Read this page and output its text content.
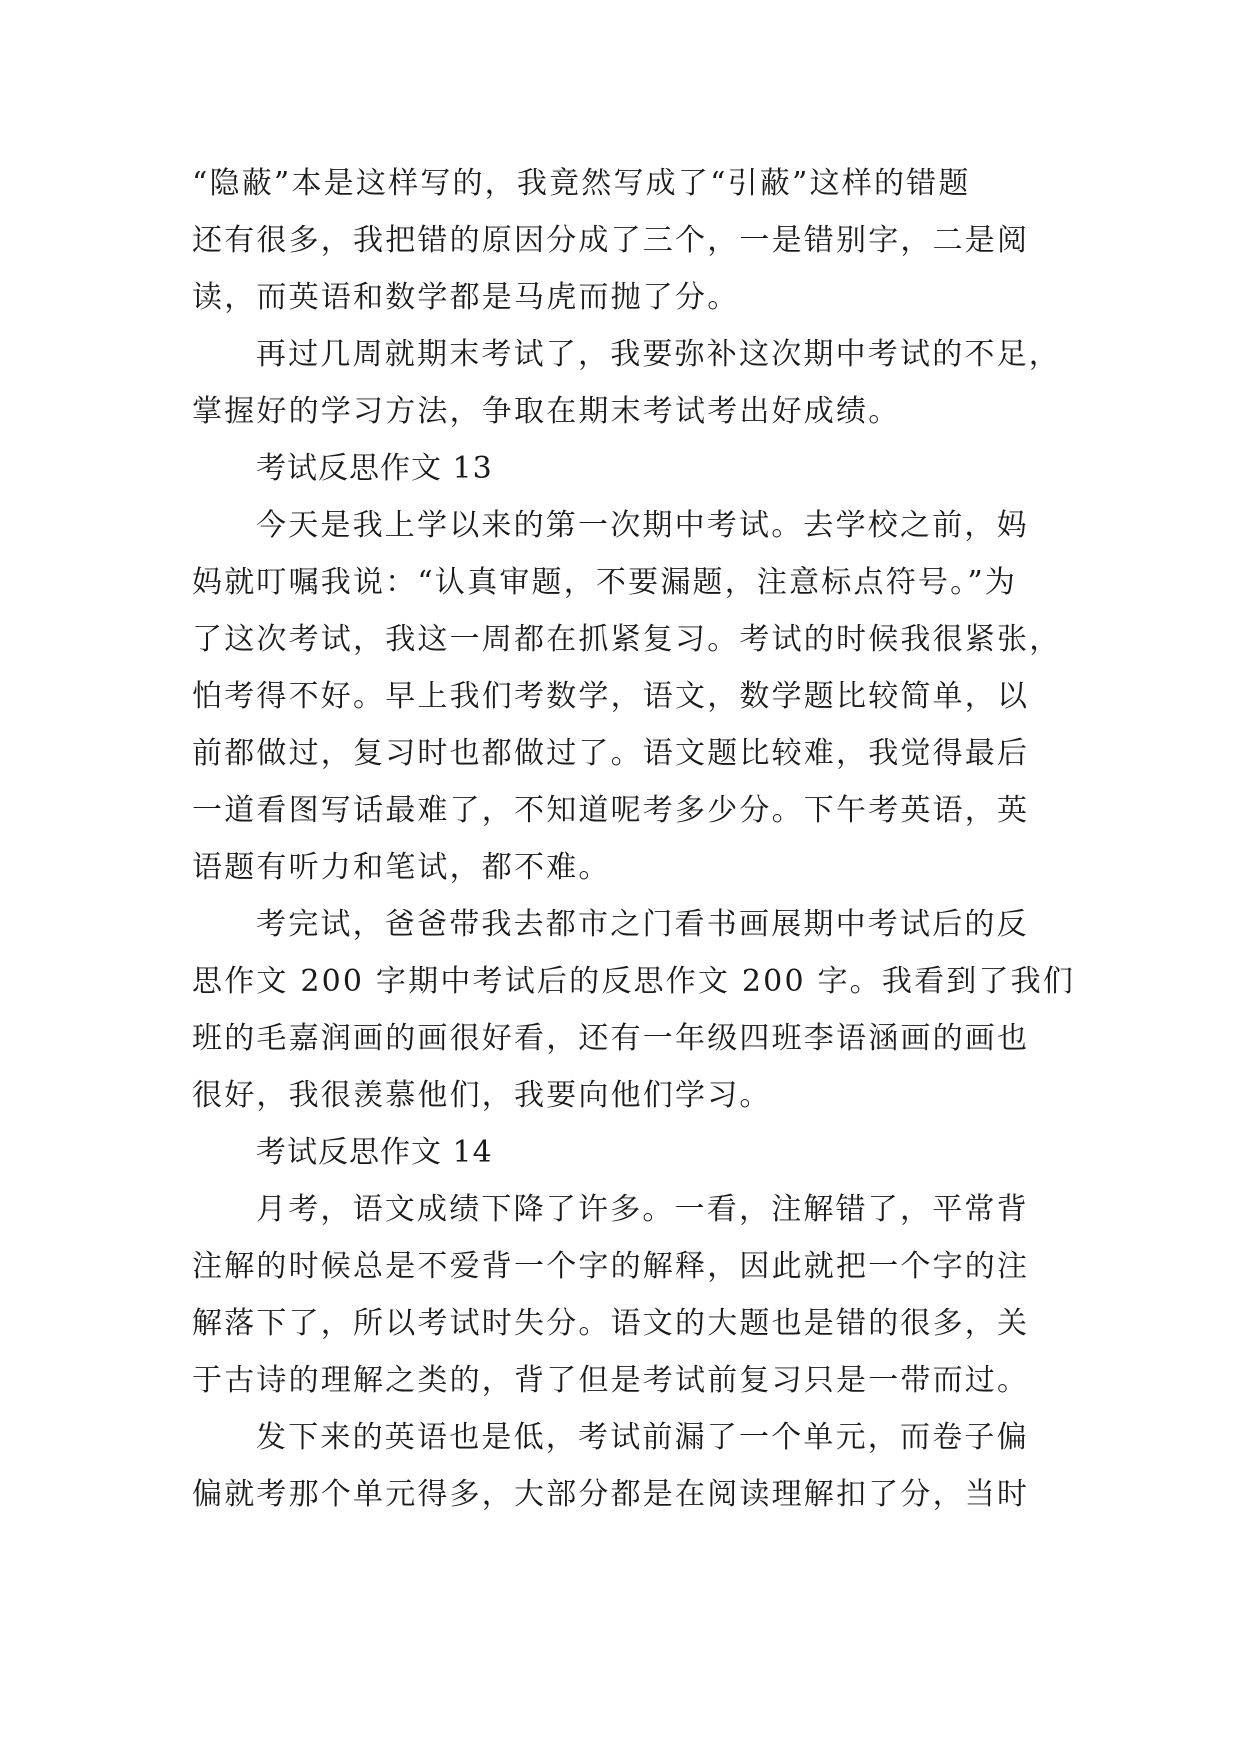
“隐蔽”本是这样写的，我竟然写成了“引蔽”这样的错题
还有很多，我把错的原因分成了三个，一是错别字，二是阅
读，而英语和数学都是马虎而抛了分。
再过几周就期末考试了，我要弥补这次期中考试的不足，
掌握好的学习方法，争取在期末考试考出好成绩。
考试反思作文 13
今天是我上学以来的第一次期中考试。去学校之前，妈
妈就叮嘱我说：“认真审题，不要漏题，注意标点符号。”为
了这次考试，我这一周都在抓紧复习。考试的时候我很紧张，
怕考得不好。早上我们考数学，语文，数学题比较简单，以
前都做过，复习时也都做过了。语文题比较难，我觉得最后
一道看图写话最难了，不知道呢考多少分。下午考英语，英
语题有听力和笔试，都不难。
考完试，爸爸带我去都市之门看书画展期中考试后的反
思作文 200 字期中考试后的反思作文 200 字。我看到了我们
班的毛嘉润画的画很好看，还有一年级四班李语涵画的画也
很好，我很羡慕他们，我要向他们学习。
考试反思作文 14
月考，语文成绩下降了许多。一看，注解错了，平常背
注解的时候总是不爱背一个字的解释，因此就把一个字的注
解落下了，所以考试时失分。语文的大题也是错的很多，关
于古诗的理解之类的，背了但是考试前复习只是一带而过。
发下来的英语也是低，考试前漏了一个单元，而卷子偏
偏就考那个单元得多，大部分都是在阅读理解扣了分，当时
